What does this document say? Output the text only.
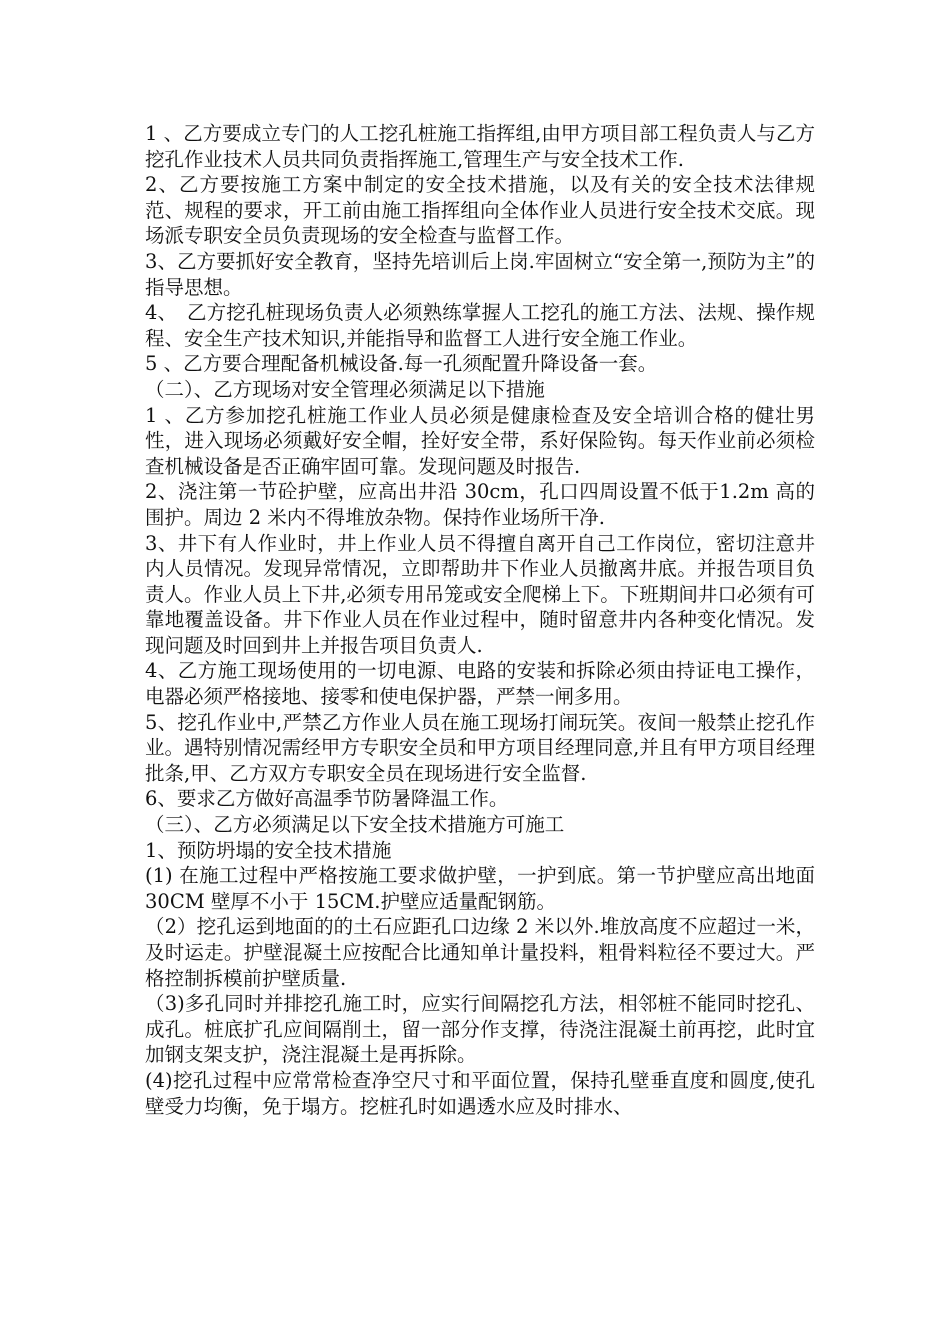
1 、乙方要成立专门的人工挖孔桩施工指挥组,由甲方项目部工程负责人与乙方挖孔作业技术人员共同负责指挥施工,管理生产与安全技术工作.

2、乙方要按施工方案中制定的安全技术措施，以及有关的安全技术法律规范、规程的要求，开工前由施工指挥组向全体作业人员进行安全技术交底。现场派专职安全员负责现场的安全检查与监督工作。

3、乙方要抓好安全教育，坚持先培训后上岗.牢固树立“安全第一,预防为主”的指导思想。

4、　乙方挖孔桩现场负责人必须熟练掌握人工挖孔的施工方法、法规、操作规程、安全生产技术知识,并能指导和监督工人进行安全施工作业。

5 、乙方要合理配备机械设备.每一孔须配置升降设备一套。

（二）、乙方现场对安全管理必须满足以下措施

1 、乙方参加挖孔桩施工作业人员必须是健康检查及安全培训合格的健壮男性，进入现场必须戴好安全帽，拴好安全带，系好保险钩。每天作业前必须检查机械设备是否正确牢固可靠。发现问题及时报告.

2、浇注第一节砼护壁，应高出井沿 30cm，孔口四周设置不低于1.2m 高的围护。周边 2 米内不得堆放杂物。保持作业场所干净.

3、井下有人作业时，井上作业人员不得擅自离开自己工作岗位，密切注意井内人员情况。发现异常情况，立即帮助井下作业人员撤离井底。并报告项目负责人。作业人员上下井,必须专用吊笼或安全爬梯上下。下班期间井口必须有可靠地覆盖设备。井下作业人员在作业过程中，随时留意井内各种变化情况。发现问题及时回到井上并报告项目负责人.

4、乙方施工现场使用的一切电源、电路的安装和拆除必须由持证电工操作，电器必须严格接地、接零和使电保护器，严禁一闸多用。

5、挖孔作业中,严禁乙方作业人员在施工现场打闹玩笑。夜间一般禁止挖孔作业。遇特别情况需经甲方专职安全员和甲方项目经理同意,并且有甲方项目经理批条,甲、乙方双方专职安全员在现场进行安全监督.

6、要求乙方做好高温季节防暑降温工作。

（三）、乙方必须满足以下安全技术措施方可施工

1、预防坍塌的安全技术措施

(1) 在施工过程中严格按施工要求做护壁，一护到底。第一节护壁应高出地面 30CM 壁厚不小于 15CM.护壁应适量配钢筋。

（2）挖孔运到地面的的土石应距孔口边缘 2 米以外.堆放高度不应超过一米，及时运走。护壁混凝土应按配合比通知单计量投料，粗骨料粒径不要过大。严格控制拆模前护壁质量.

（3)多孔同时并排挖孔施工时，应实行间隔挖孔方法，相邻桩不能同时挖孔、成孔。桩底扩孔应间隔削土，留一部分作支撑，待浇注混凝土前再挖，此时宜加钢支架支护，浇注混凝土是再拆除。

(4)挖孔过程中应常常检查净空尺寸和平面位置，保持孔壁垂直度和圆度,使孔壁受力均衡，免于塌方。挖桩孔时如遇透水应及时排水、
